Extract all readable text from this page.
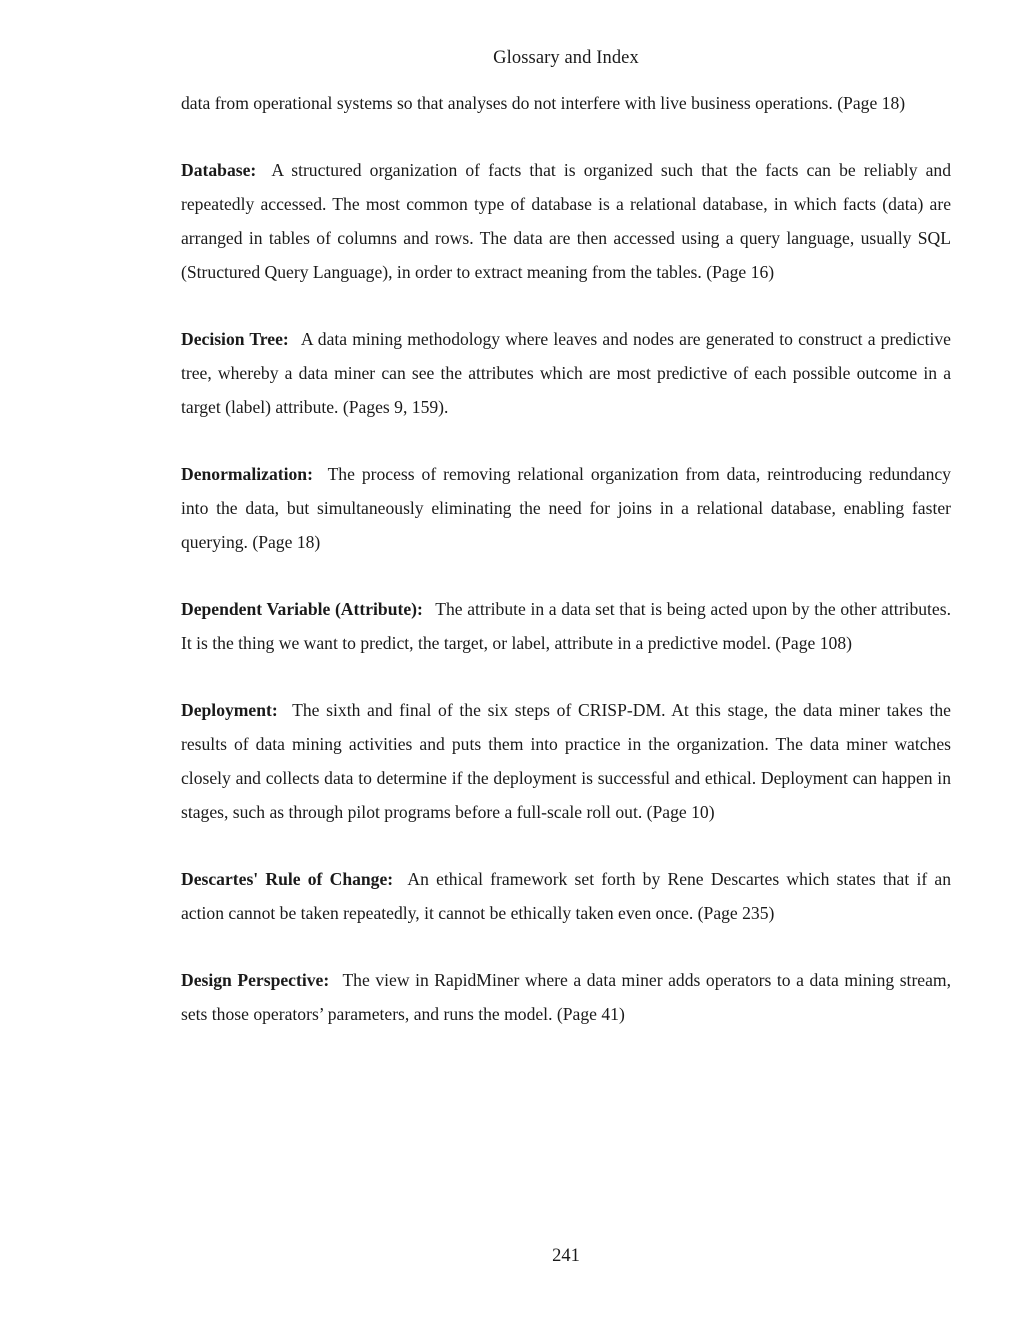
Glossary and Index

data from operational systems so that analyses do not interfere with live business operations. (Page 18)

Database: A structured organization of facts that is organized such that the facts can be reliably and repeatedly accessed. The most common type of database is a relational database, in which facts (data) are arranged in tables of columns and rows. The data are then accessed using a query language, usually SQL (Structured Query Language), in order to extract meaning from the tables. (Page 16)

Decision Tree: A data mining methodology where leaves and nodes are generated to construct a predictive tree, whereby a data miner can see the attributes which are most predictive of each possible outcome in a target (label) attribute. (Pages 9, 159).

Denormalization: The process of removing relational organization from data, reintroducing redundancy into the data, but simultaneously eliminating the need for joins in a relational database, enabling faster querying. (Page 18)

Dependent Variable (Attribute): The attribute in a data set that is being acted upon by the other attributes. It is the thing we want to predict, the target, or label, attribute in a predictive model. (Page 108)

Deployment: The sixth and final of the six steps of CRISP-DM. At this stage, the data miner takes the results of data mining activities and puts them into practice in the organization. The data miner watches closely and collects data to determine if the deployment is successful and ethical. Deployment can happen in stages, such as through pilot programs before a full-scale roll out. (Page 10)

Descartes' Rule of Change: An ethical framework set forth by Rene Descartes which states that if an action cannot be taken repeatedly, it cannot be ethically taken even once. (Page 235)

Design Perspective: The view in RapidMiner where a data miner adds operators to a data mining stream, sets those operators’ parameters, and runs the model. (Page 41)

241
